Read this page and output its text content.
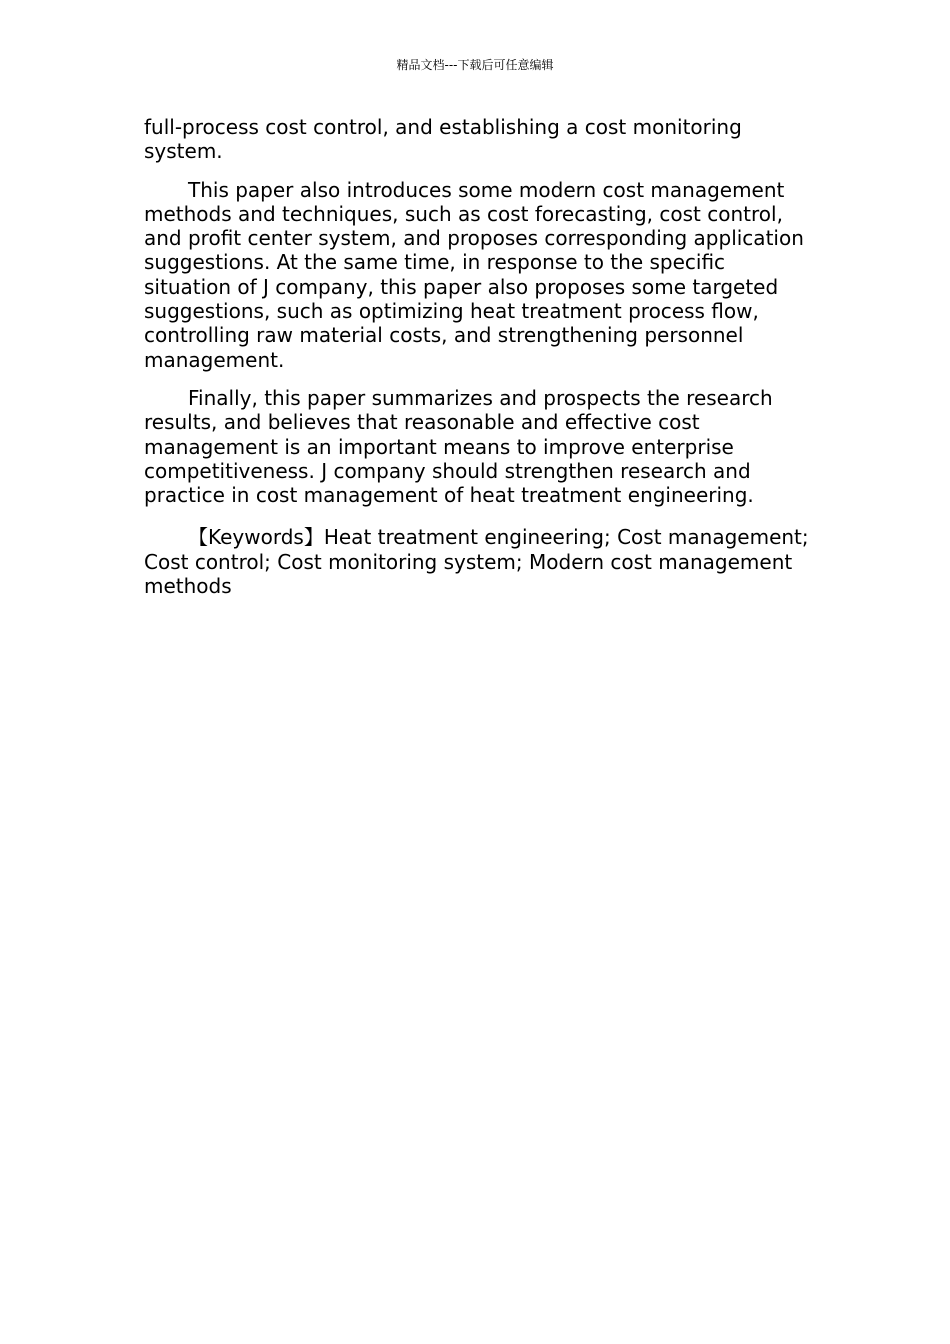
精品文档---下载后可任意编辑

full-process cost control, and establishing a cost monitoring system.

This paper also introduces some modern cost management methods and techniques, such as cost forecasting, cost control, and profit center system, and proposes corresponding application suggestions. At the same time, in response to the specific situation of J company, this paper also proposes some targeted suggestions, such as optimizing heat treatment process flow, controlling raw material costs, and strengthening personnel management.

Finally, this paper summarizes and prospects the research results, and believes that reasonable and effective cost management is an important means to improve enterprise competitiveness. J company should strengthen research and practice in cost management of heat treatment engineering.

【Keywords】Heat treatment engineering; Cost management; Cost control; Cost monitoring system; Modern cost management methods
